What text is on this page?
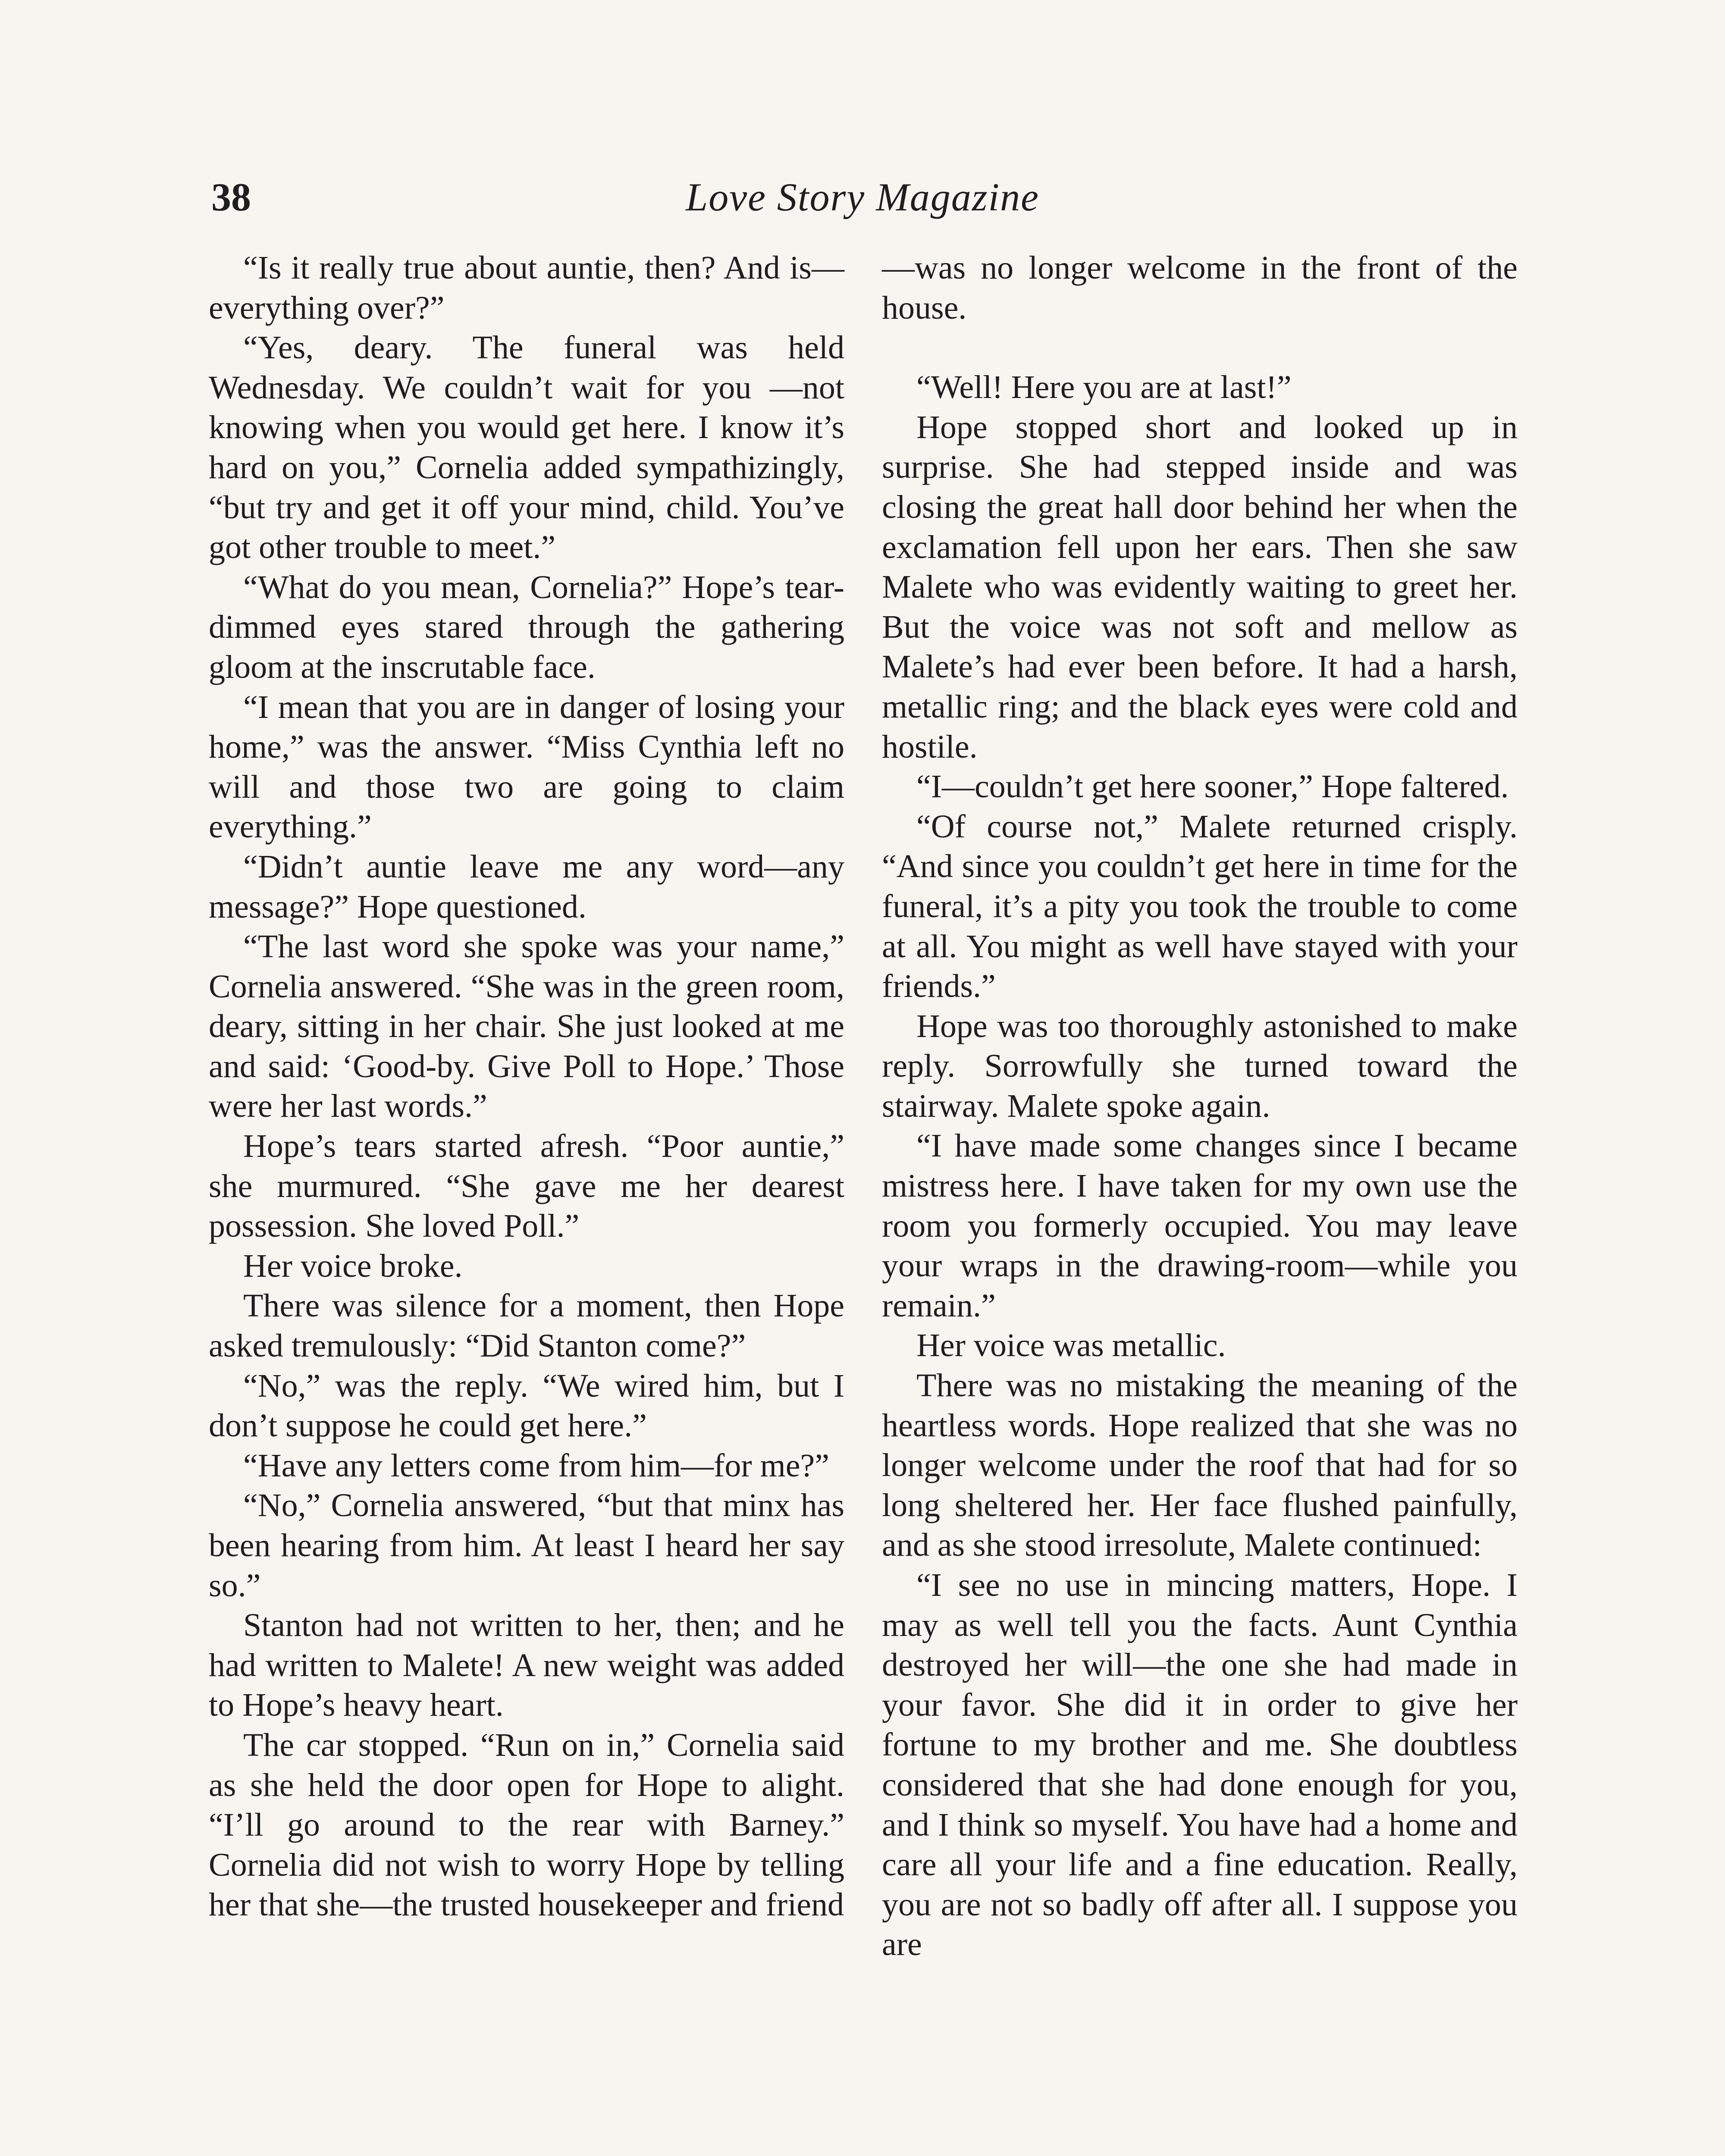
38	Love Story Magazine

“Is it really true about auntie, then? And is—everything over?”

“Yes, deary. The funeral was held Wednesday. We couldn’t wait for you —not knowing when you would get here. I know it’s hard on you,” Cornelia added sympathizingly, “but try and get it off your mind, child. You’ve got other trouble to meet.”

“What do you mean, Cornelia?” Hope’s tear-dimmed eyes stared through the gathering gloom at the inscrutable face.

“I mean that you are in danger of losing your home,” was the answer. “Miss Cynthia left no will and those two are going to claim everything.”

“Didn’t auntie leave me any word—any message?” Hope questioned.

“The last word she spoke was your name,” Cornelia answered. “She was in the green room, deary, sitting in her chair. She just looked at me and said: ‘Good-by. Give Poll to Hope.’ Those were her last words.”

Hope’s tears started afresh. “Poor auntie,” she murmured. “She gave me her dearest possession. She loved Poll.”

Her voice broke.

There was silence for a moment, then Hope asked tremulously: “Did Stanton come?”

“No,” was the reply. “We wired him, but I don’t suppose he could get here.”

“Have any letters come from him—for me?”

“No,” Cornelia answered, “but that minx has been hearing from him. At least I heard her say so.”

Stanton had not written to her, then; and he had written to Malete! A new weight was added to Hope’s heavy heart.

The car stopped. “Run on in,” Cornelia said as she held the door open for Hope to alight. “I’ll go around to the rear with Barney.” Cornelia did not wish to worry Hope by telling her that she—the trusted housekeeper and friend

—was no longer welcome in the front of the house.

“Well! Here you are at last!”

Hope stopped short and looked up in surprise. She had stepped inside and was closing the great hall door behind her when the exclamation fell upon her ears. Then she saw Malete who was evidently waiting to greet her. But the voice was not soft and mellow as Malete’s had ever been before. It had a harsh, metallic ring; and the black eyes were cold and hostile.

“I—couldn’t get here sooner,” Hope faltered.

“Of course not,” Malete returned crisply. “And since you couldn’t get here in time for the funeral, it’s a pity you took the trouble to come at all. You might as well have stayed with your friends.”

Hope was too thoroughly astonished to make reply. Sorrowfully she turned toward the stairway. Malete spoke again.

“I have made some changes since I became mistress here. I have taken for my own use the room you formerly occupied. You may leave your wraps in the drawing-room—while you remain.”

Her voice was metallic.

There was no mistaking the meaning of the heartless words. Hope realized that she was no longer welcome under the roof that had for so long sheltered her. Her face flushed painfully, and as she stood irresolute, Malete continued:

“I see no use in mincing matters, Hope. I may as well tell you the facts. Aunt Cynthia destroyed her will—the one she had made in your favor. She did it in order to give her fortune to my brother and me. She doubtless considered that she had done enough for you, and I think so myself. You have had a home and care all your life and a fine education. Really, you are not so badly off after all. I suppose you are
